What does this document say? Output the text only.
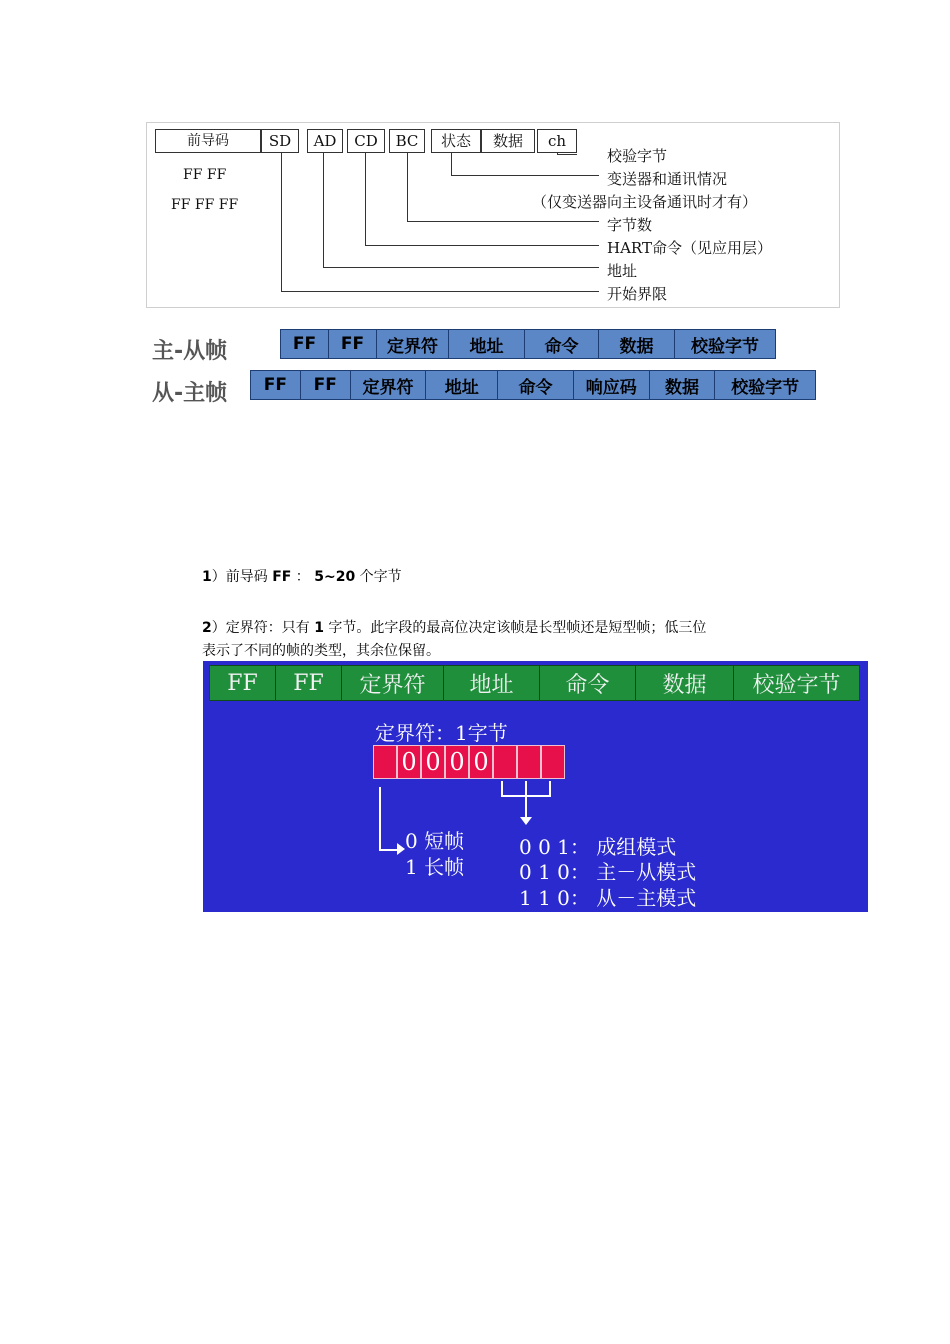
前导码	SD	AD	CD	BC	状态	数据	ch
FF FF
FF FF FF
校验字节
变送器和通讯情况
（仅变送器向主设备通讯时才有）
字节数
HART命令（见应用层）
地址
开始界限
主-从帧	FF	FF	定界符	地址	命令	数据	校验字节
从-主帧	FF	FF	定界符	地址	命令	响应码	数据	校验字节
1）前导码 FF ： 5~20 个字节
2）定界符：只有 1 字节。此字段的最高位决定该帧是长型帧还是短型帧；低三位
表示了不同的帧的类型，其余位保留。
FF	FF	定界符	地址	命令	数据	校验字节
定界符：1字节
0 0 0 0
0 短帧
1 长帧
0 0 1： 成组模式
0 1 0： 主－从模式
1 1 0： 从－主模式
